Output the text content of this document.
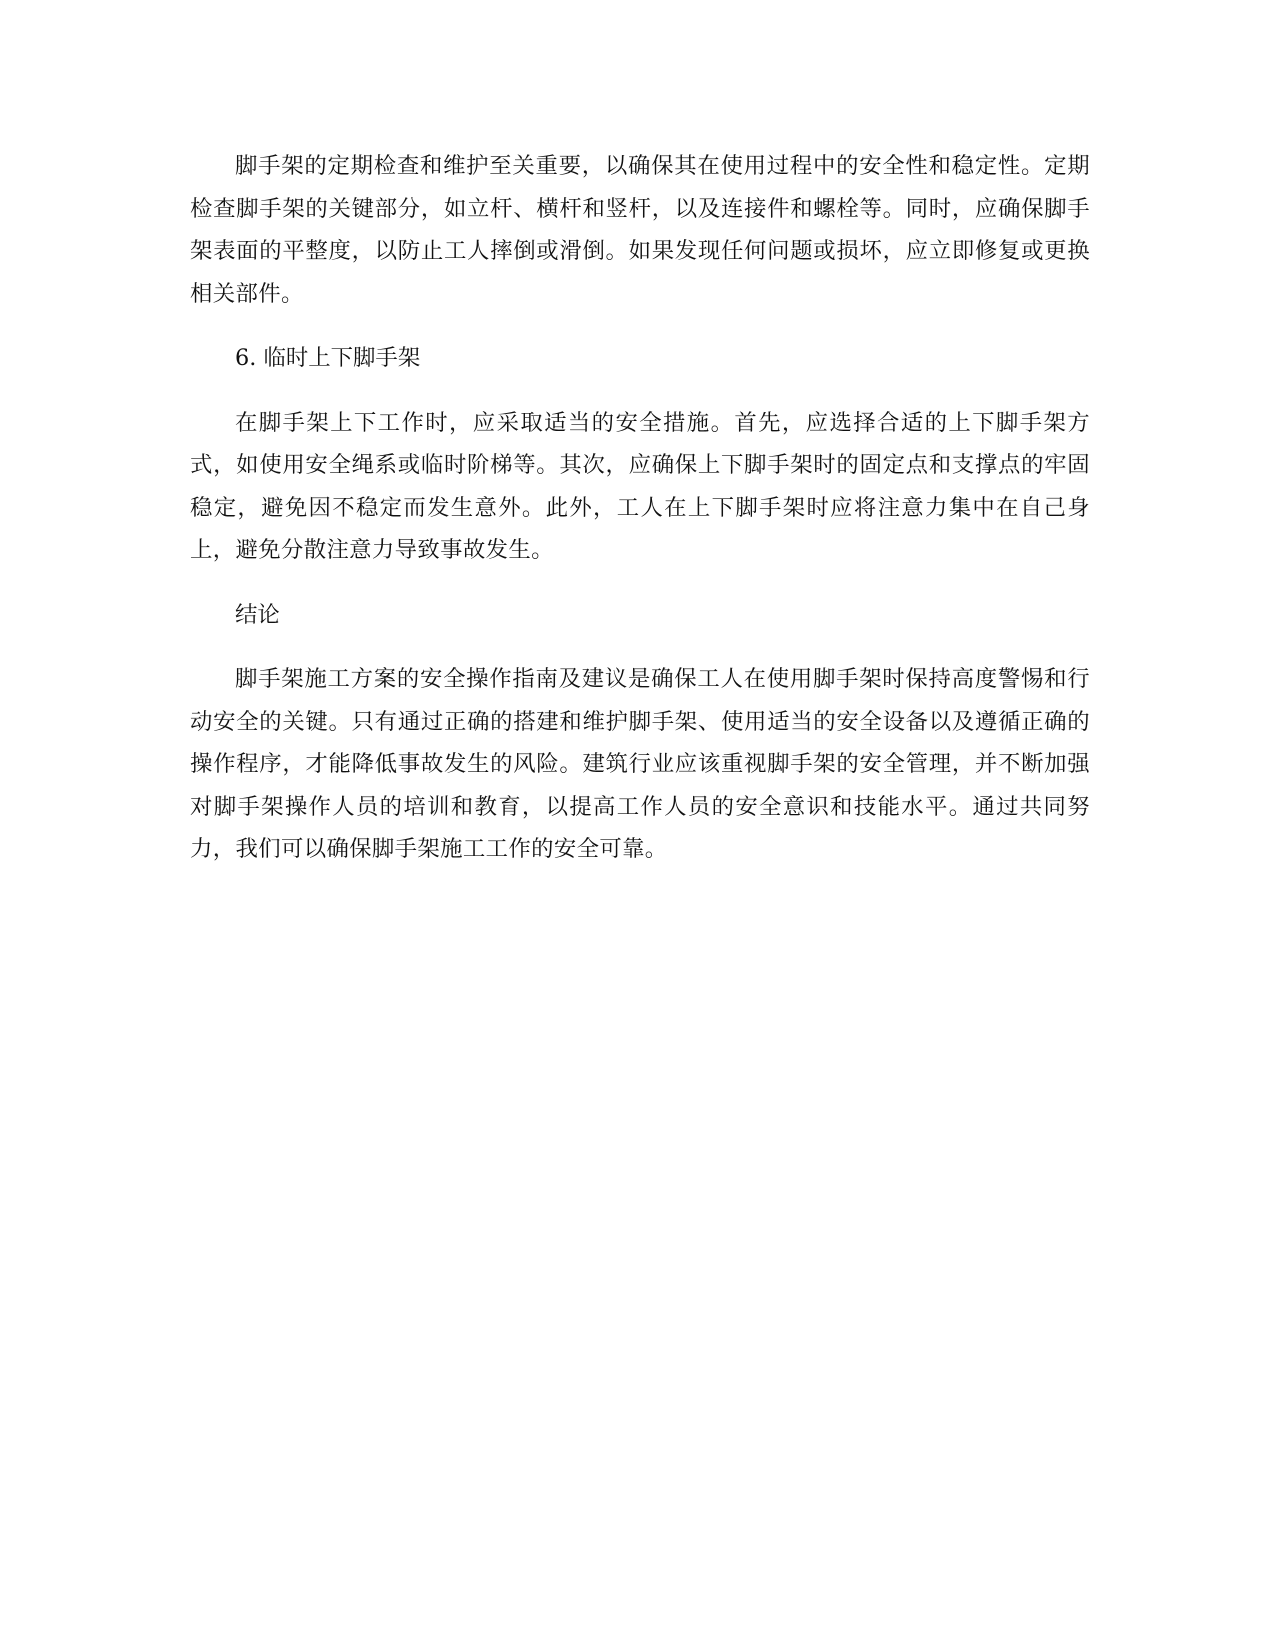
脚手架的定期检查和维护至关重要，以确保其在使用过程中的安全性和稳定性。定期检查脚手架的关键部分，如立杆、横杆和竖杆，以及连接件和螺栓等。同时，应确保脚手架表面的平整度，以防止工人摔倒或滑倒。如果发现任何问题或损坏，应立即修复或更换相关部件。

6. 临时上下脚手架

在脚手架上下工作时，应采取适当的安全措施。首先，应选择合适的上下脚手架方式，如使用安全绳系或临时阶梯等。其次，应确保上下脚手架时的固定点和支撑点的牢固稳定，避免因不稳定而发生意外。此外，工人在上下脚手架时应将注意力集中在自己身上，避免分散注意力导致事故发生。

结论

脚手架施工方案的安全操作指南及建议是确保工人在使用脚手架时保持高度警惕和行动安全的关键。只有通过正确的搭建和维护脚手架、使用适当的安全设备以及遵循正确的操作程序，才能降低事故发生的风险。建筑行业应该重视脚手架的安全管理，并不断加强对脚手架操作人员的培训和教育，以提高工作人员的安全意识和技能水平。通过共同努力，我们可以确保脚手架施工工作的安全可靠。
